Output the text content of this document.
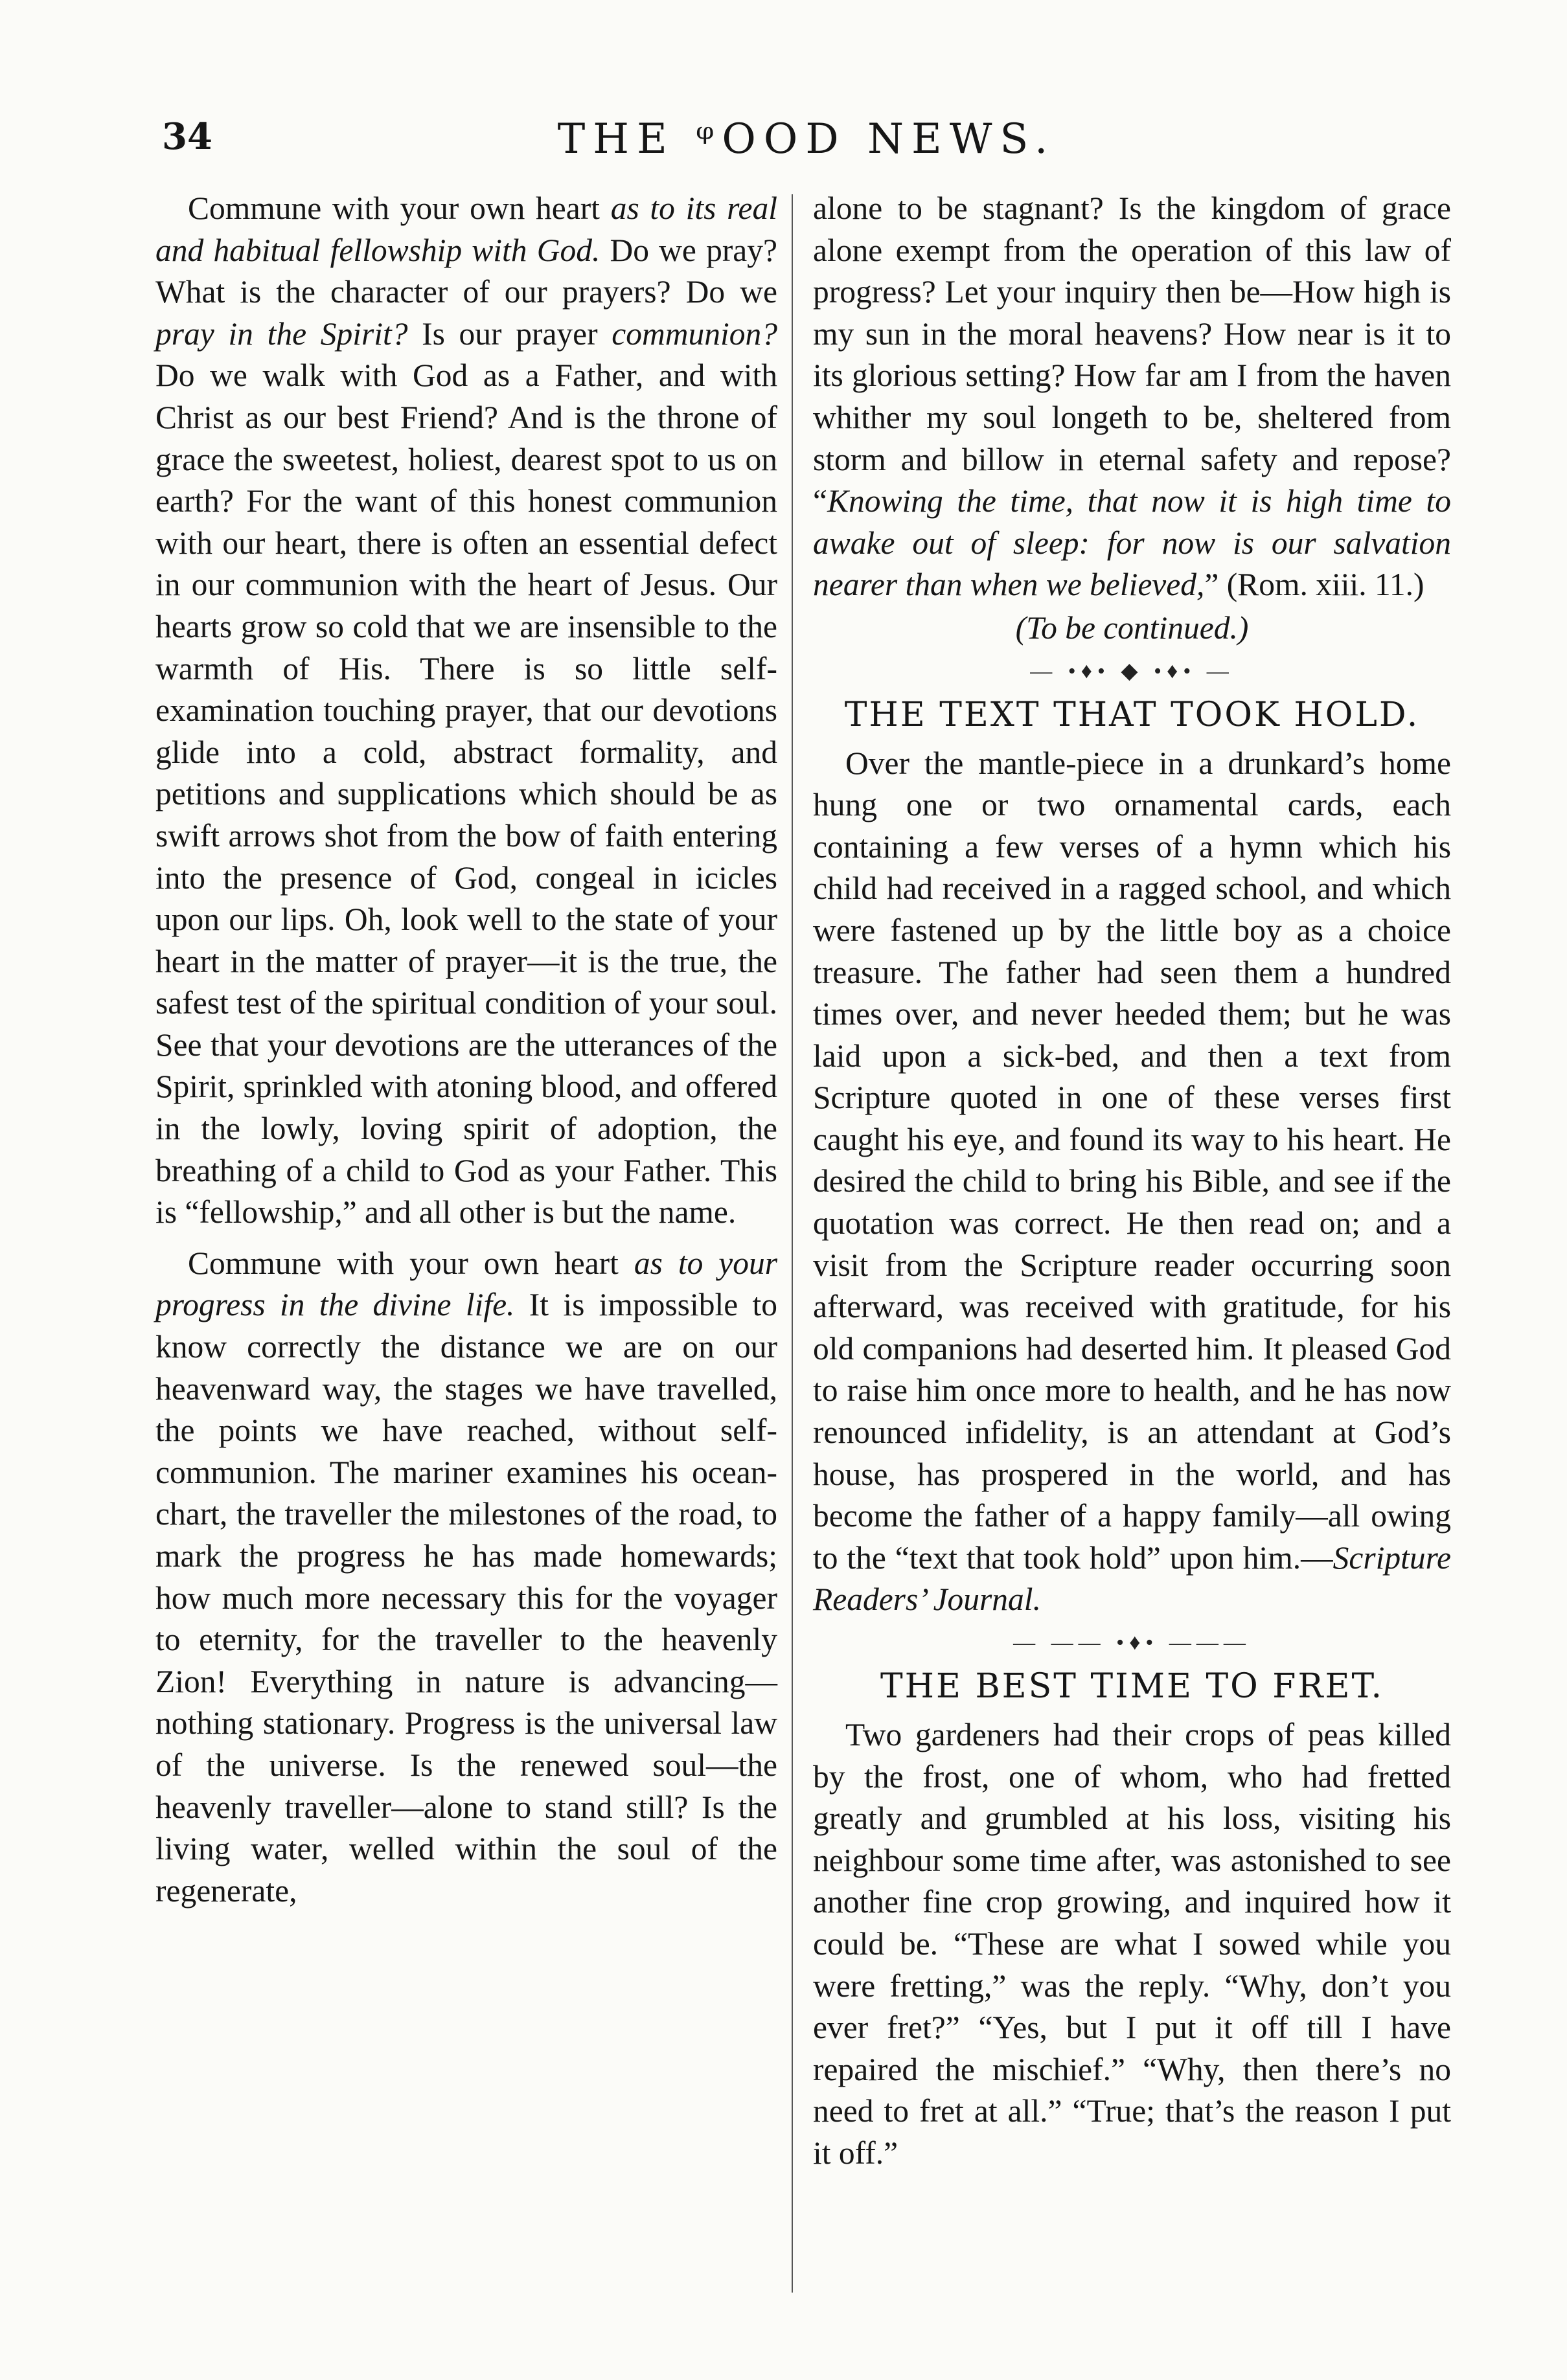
34	THE ᵠOOD NEWS.

Commune with your own heart as to its real and habitual fellowship with God. Do we pray? What is the character of our prayers? Do we pray in the Spirit? Is our prayer communion? Do we walk with God as a Father, and with Christ as our best Friend? And is the throne of grace the sweetest, holiest, dearest spot to us on earth? For the want of this honest communion with our heart, there is often an essential defect in our communion with the heart of Jesus. Our hearts grow so cold that we are insensible to the warmth of His. There is so little self-examination touching prayer, that our devotions glide into a cold, abstract formality, and petitions and supplications which should be as swift arrows shot from the bow of faith entering into the presence of God, congeal in icicles upon our lips. Oh, look well to the state of your heart in the matter of prayer—it is the true, the safest test of the spiritual condition of your soul. See that your devotions are the utterances of the Spirit, sprinkled with atoning blood, and offered in the lowly, loving spirit of adoption, the breathing of a child to God as your Father. This is “fellowship,” and all other is but the name.

Commune with your own heart as to your progress in the divine life. It is impossible to know correctly the distance we are on our heavenward way, the stages we have travelled, the points we have reached, without self-communion. The mariner examines his ocean-chart, the traveller the milestones of the road, to mark the progress he has made homewards; how much more necessary this for the voyager to eternity, for the traveller to the heavenly Zion! Everything in nature is advancing—nothing stationary. Progress is the universal law of the universe. Is the renewed soul—the heavenly traveller—alone to stand still? Is the living water, welled within the soul of the regenerate,

alone to be stagnant? Is the kingdom of grace alone exempt from the operation of this law of progress? Let your inquiry then be—How high is my sun in the moral heavens? How near is it to its glorious setting? How far am I from the haven whither my soul longeth to be, sheltered from storm and billow in eternal safety and repose? “Knowing the time, that now it is high time to awake out of sleep: for now is our salvation nearer than when we believed,” (Rom. xiii. 11.)

(To be continued.)
— •♦• ◆ •♦• —
THE TEXT THAT TOOK HOLD.

Over the mantle-piece in a drunkard’s home hung one or two ornamental cards, each containing a few verses of a hymn which his child had received in a ragged school, and which were fastened up by the little boy as a choice treasure. The father had seen them a hundred times over, and never heeded them; but he was laid upon a sick-bed, and then a text from Scripture quoted in one of these verses first caught his eye, and found its way to his heart. He desired the child to bring his Bible, and see if the quotation was correct. He then read on; and a visit from the Scripture reader occurring soon afterward, was received with gratitude, for his old companions had deserted him. It pleased God to raise him once more to health, and he has now renounced infidelity, is an attendant at God’s house, has prospered in the world, and has become the father of a happy family—all owing to the “text that took hold” upon him.—Scripture Readers’ Journal.

— —— •♦• ———
THE BEST TIME TO FRET.

Two gardeners had their crops of peas killed by the frost, one of whom, who had fretted greatly and grumbled at his loss, visiting his neighbour some time after, was astonished to see another fine crop growing, and inquired how it could be. “These are what I sowed while you were fretting,” was the reply. “Why, don’t you ever fret?” “Yes, but I put it off till I have repaired the mischief.” “Why, then there’s no need to fret at all.” “True; that’s the reason I put it off.”
